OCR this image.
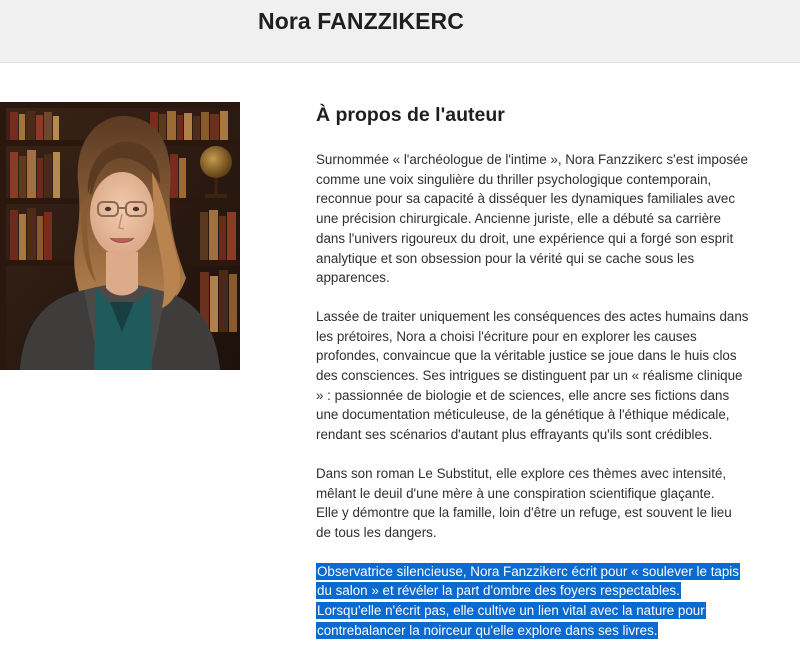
Nora FANZZIKERC
À propos de l'auteur

Surnommée « l'archéologue de l'intime », Nora Fanzzikerc s'est imposée
comme une voix singulière du thriller psychologique contemporain,
reconnue pour sa capacité à disséquer les dynamiques familiales avec
une précision chirurgicale. Ancienne juriste, elle a débuté sa carrière
dans l'univers rigoureux du droit, une expérience qui a forgé son esprit
analytique et son obsession pour la vérité qui se cache sous les
apparences.

Lassée de traiter uniquement les conséquences des actes humains dans
les prétoires, Nora a choisi l'écriture pour en explorer les causes
profondes, convaincue que la véritable justice se joue dans le huis clos
des consciences. Ses intrigues se distinguent par un « réalisme clinique
» : passionnée de biologie et de sciences, elle ancre ses fictions dans
une documentation méticuleuse, de la génétique à l'éthique médicale,
rendant ses scénarios d'autant plus effrayants qu'ils sont crédibles.

Dans son roman Le Substitut, elle explore ces thèmes avec intensité,
mêlant le deuil d'une mère à une conspiration scientifique glaçante.
Elle y démontre que la famille, loin d'être un refuge, est souvent le lieu
de tous les dangers.

Observatrice silencieuse, Nora Fanzzikerc écrit pour « soulever le tapisdu salon » et révéler la part d'ombre des foyers respectables.Lorsqu'elle n'écrit pas, elle cultive un lien vital avec la nature pourcontrebalancer la noirceur qu'elle explore dans ses livres.
